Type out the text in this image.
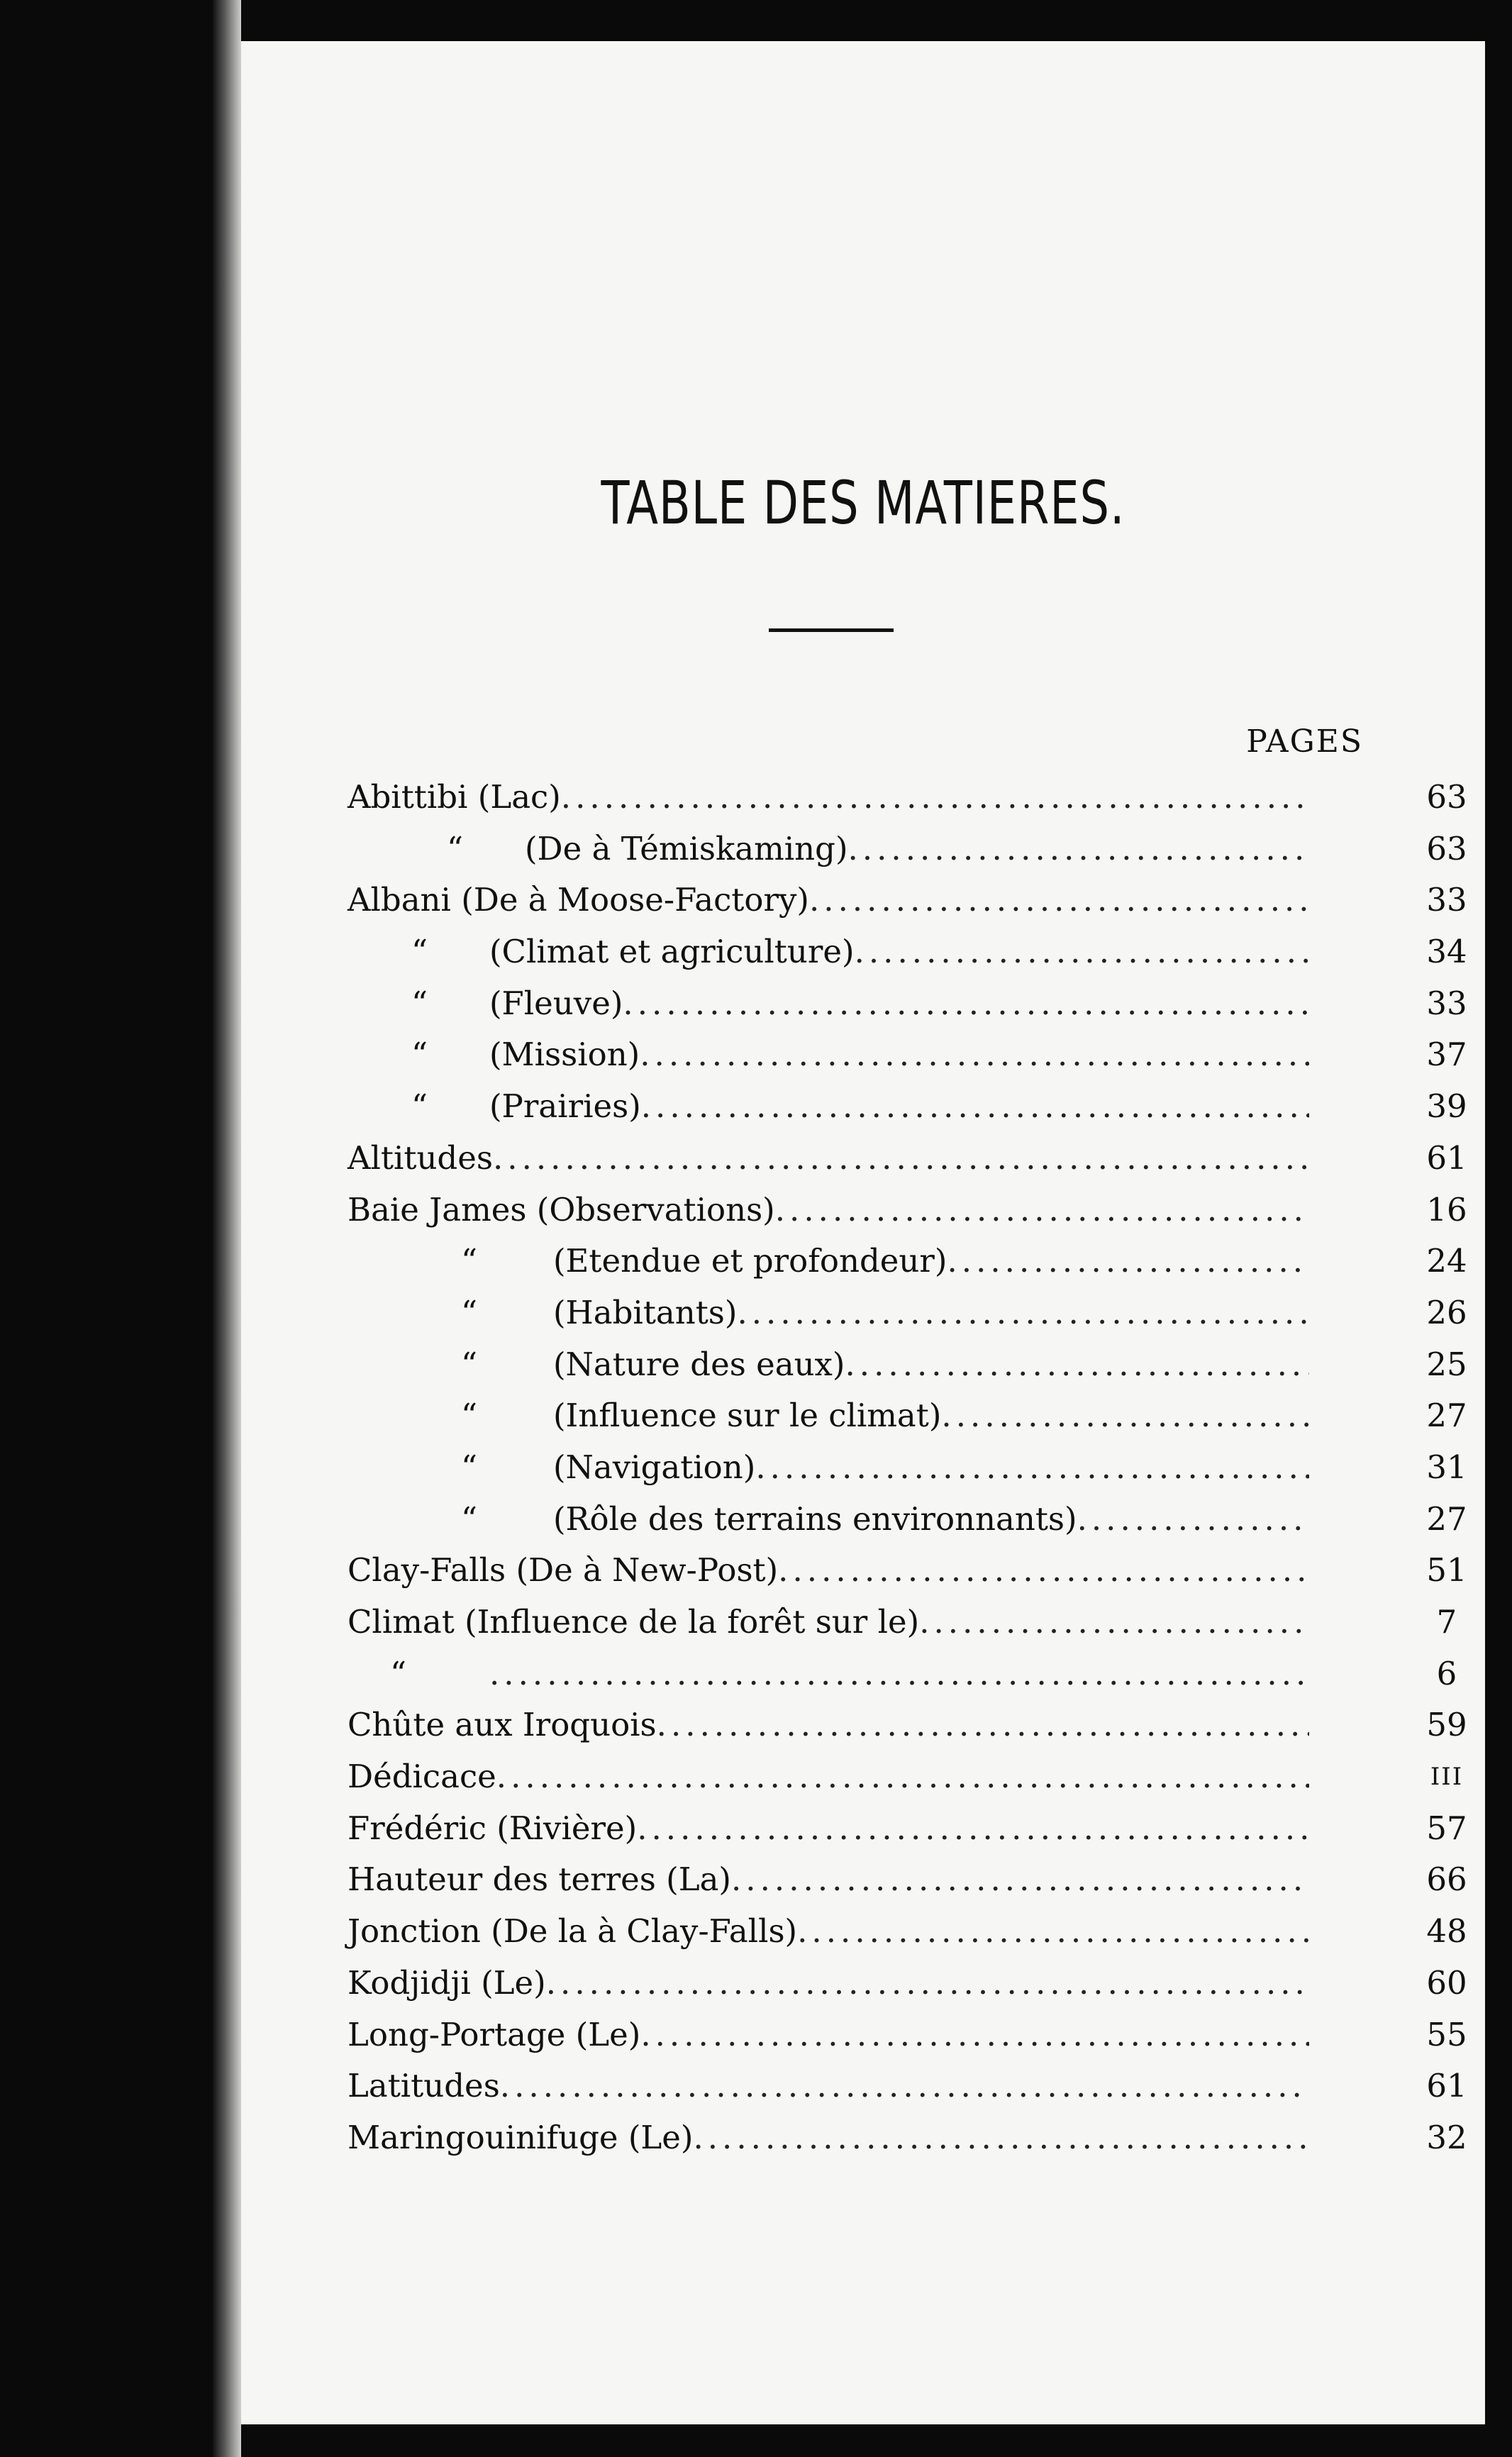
TABLE DES MATIERES.
PAGES
Abittibi (Lac) .....	63
“	(De à Témiskaming) .....	63
Albani (De à Moose-Factory) .....	33
“	(Climat et agriculture) .....	34
“	(Fleuve) .....	33
“	(Mission) .....	37
“	(Prairies) .....	39
Altitudes .....	61
Baie James (Observations) .....	16
“	(Etendue et profondeur) .....	24
“	(Habitants) .....	26
“	(Nature des eaux) .....	25
“	(Influence sur le climat) .....	27
“	(Navigation) .....	31
“	(Rôle des terrains environnants) .....	27
Clay-Falls (De à New-Post) .....	51
Climat (Influence de la forêt sur le) .....	7
“ .....	6
Chûte aux Iroquois .....	59
Dédicace .....	III
Frédéric (Rivière) .....	57
Hauteur des terres (La) .....	66
Jonction (De la à Clay-Falls) .....	48
Kodjidji (Le) .....	60
Long-Portage (Le) .....	55
Latitudes .....	61
Maringouinifuge (Le) .....	32
